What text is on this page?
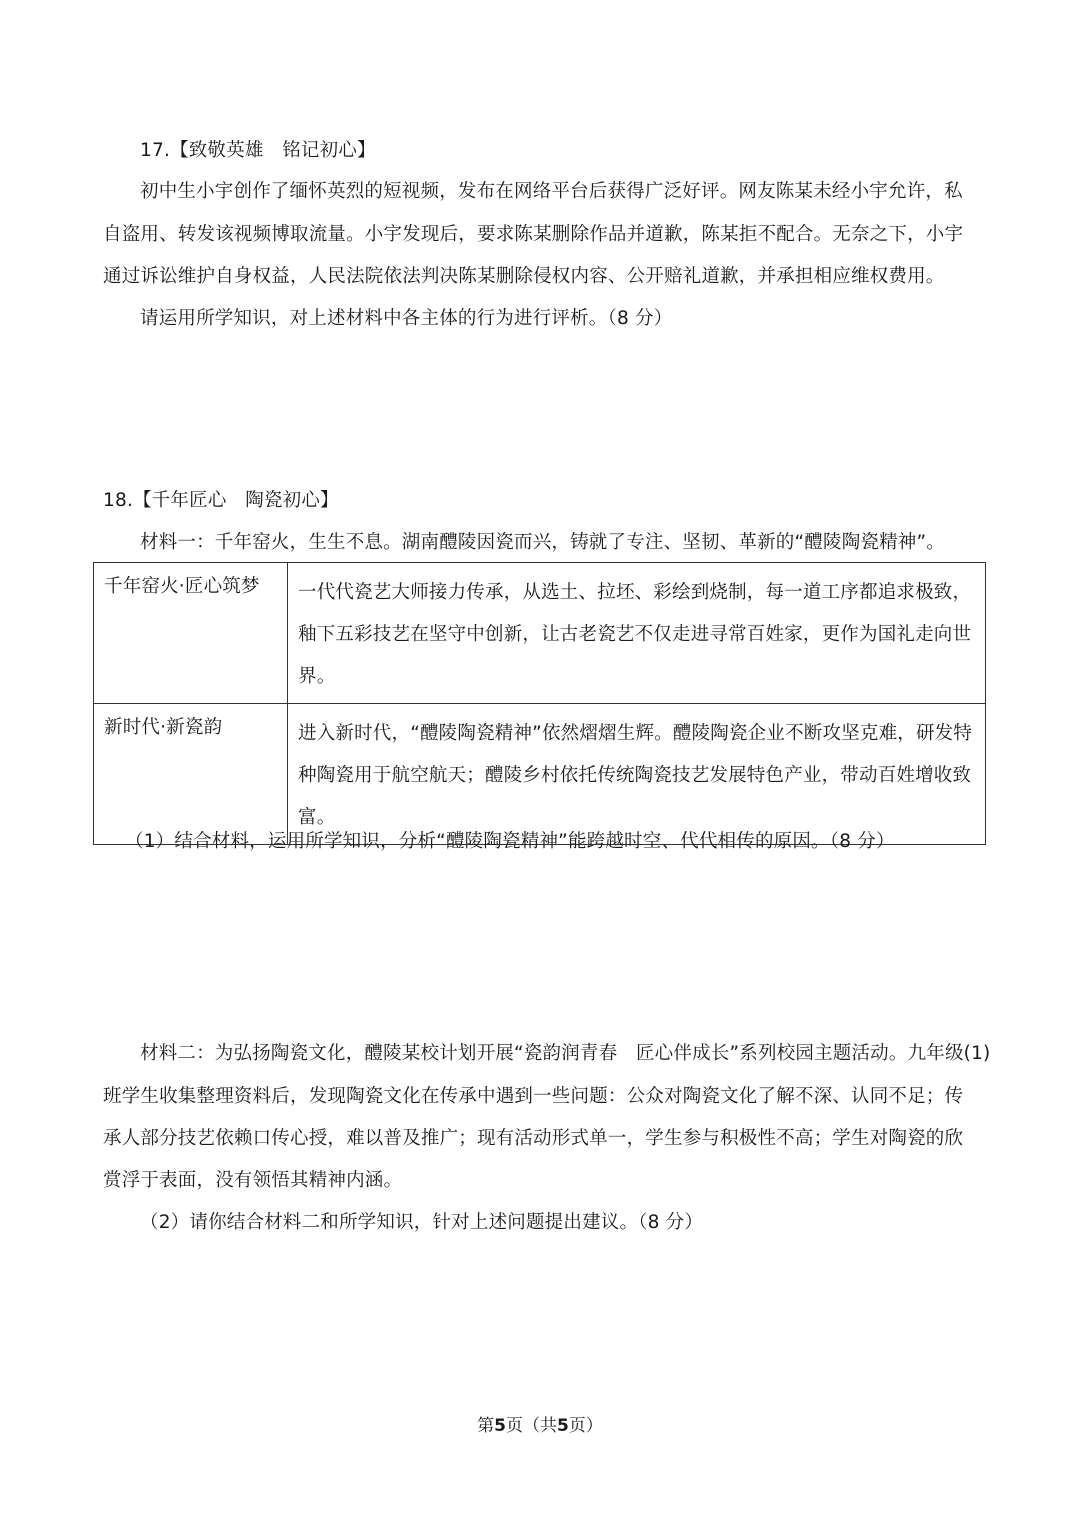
17.【致敬英雄　铭记初心】
初中生小宇创作了缅怀英烈的短视频，发布在网络平台后获得广泛好评。网友陈某未经小宇允许，私
自盗用、转发该视频博取流量。小宇发现后，要求陈某删除作品并道歉，陈某拒不配合。无奈之下，小宇
通过诉讼维护自身权益，人民法院依法判决陈某删除侵权内容、公开赔礼道歉，并承担相应维权费用。
请运用所学知识，对上述材料中各主体的行为进行评析。（8 分）
18.【千年匠心　陶瓷初心】
材料一：千年窑火，生生不息。湖南醴陵因瓷而兴，铸就了专注、坚韧、革新的“醴陵陶瓷精神”。
千年窑火·匠心筑梦	一代代瓷艺大师接力传承，从选土、拉坯、彩绘到烧制，每一道工序都追求极致，
釉下五彩技艺在坚守中创新，让古老瓷艺不仅走进寻常百姓家，更作为国礼走向世
界。

新时代·新瓷韵	进入新时代，“醴陵陶瓷精神”依然熠熠生辉。醴陵陶瓷企业不断攻坚克难，研发特
种陶瓷用于航空航天；醴陵乡村依托传统陶瓷技艺发展特色产业，带动百姓增收致
富。
（1）结合材料，运用所学知识，分析“醴陵陶瓷精神”能跨越时空、代代相传的原因。（8 分）
材料二：为弘扬陶瓷文化，醴陵某校计划开展“瓷韵润青春　匠心伴成长”系列校园主题活动。九年级(1)
班学生收集整理资料后，发现陶瓷文化在传承中遇到一些问题：公众对陶瓷文化了解不深、认同不足；传
承人部分技艺依赖口传心授，难以普及推广；现有活动形式单一，学生参与积极性不高；学生对陶瓷的欣
赏浮于表面，没有领悟其精神内涵。
（2）请你结合材料二和所学知识，针对上述问题提出建议。（8 分）
第5页（共5页）
